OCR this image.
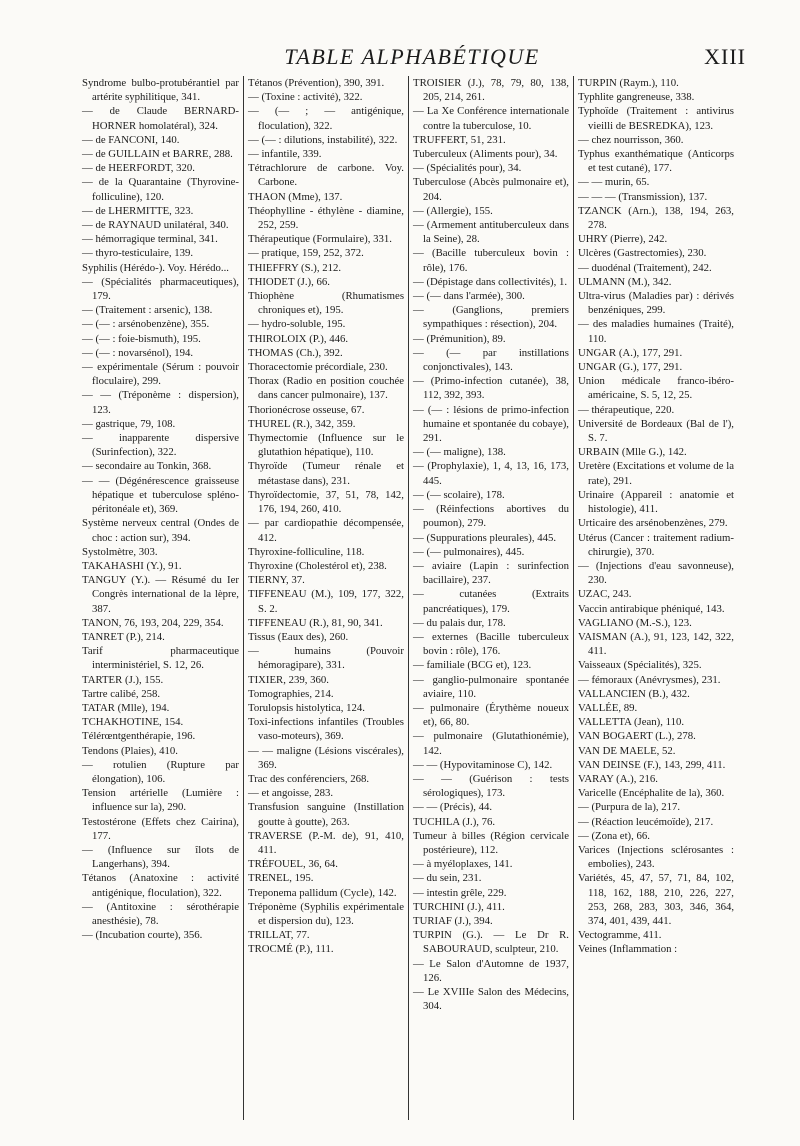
TABLE ALPHABÉTIQUE	XIII
Syndrome bulbo-protubérantiel par artérite syphilitique, 341.
— de Claude BERNARD-HORNER homolatéral), 324.
— de FANCONI, 140.
— de GUILLAIN et BARRE, 288.
— de HEERFORDT, 320.
— de la Quarantaine (Thyrovine-folliculine), 120.
— de LHERMITTE, 323.
— de RAYNAUD unilatéral, 340.
— hémorragique terminal, 341.
— thyro-testiculaire, 139.
Syphilis (Hérédo-). Voy. Hérédo...
— (Spécialités pharmaceutiques), 179.
— (Traitement : arsenic), 138.
— (— : arsénobenzène), 355.
— (— : foie-bismuth), 195.
— (— : novarsénol), 194.
— expérimentale (Sérum : pouvoir floculaire), 299.
— — (Tréponème : dispersion), 123.
— gastrique, 79, 108.
— inapparente dispersive (Surinfection), 322.
— secondaire au Tonkin, 368.
— — (Dégénérescence graisseuse hépatique et tuberculose spléno-péritonéale et), 369.
Système nerveux central (Ondes de choc : action sur), 394.
Systolmètre, 303.
TAKAHASHI (Y.), 91.
TANGUY (Y.). — Résumé du Ier Congrès international de la lèpre, 387.
TANON, 76, 193, 204, 229, 354.
TANRET (P.), 214.
Tarif pharmaceutique interministériel, S. 12, 26.
TARTER (J.), 155.
Tartre calibé, 258.
TATAR (Mlle), 194.
TCHAKHOTINE, 154.
Télérœntgenthérapie, 196.
Tendons (Plaies), 410.
— rotulien (Rupture par élongation), 106.
Tension artérielle (Lumière : influence sur la), 290.
Testostérone (Effets chez Cairina), 177.
— (Influence sur îlots de Langerhans), 394.
Tétanos (Anatoxine : activité antigénique, floculation), 322.
— (Antitoxine : sérothérapie anesthésie), 78.
— (Incubation courte), 356.
Tétanos (Prévention), 390, 391.
— (Toxine : activité), 322.
— (— ; — antigénique, floculation), 322.
— (— : dilutions, instabilité), 322.
— infantile, 339.
Tétrachlorure de carbone. Voy. Carbone.
THAON (Mme), 137.
Théophylline - éthylène - diamine, 252, 259.
Thérapeutique (Formulaire), 331.
— pratique, 159, 252, 372.
THIEFFRY (S.), 212.
THIODET (J.), 66.
Thiophène (Rhumatismes chroniques et), 195.
— hydro-soluble, 195.
THIROLOIX (P.), 446.
THOMAS (Ch.), 392.
Thoracectomie précordiale, 230.
Thorax (Radio en position couchée dans cancer pulmonaire), 137.
Thorionécrose osseuse, 67.
THUREL (R.), 342, 359.
Thymectomie (Influence sur le glutathion hépatique), 110.
Thyroïde (Tumeur rénale et métastase dans), 231.
Thyroïdectomie, 37, 51, 78, 142, 176, 194, 260, 410.
— par cardiopathie décompensée, 412.
Thyroxine-folliculine, 118.
Thyroxine (Cholestérol et), 238.
TIERNY, 37.
TIFFENEAU (M.), 109, 177, 322, S. 2.
TIFFENEAU (R.), 81, 90, 341.
Tissus (Eaux des), 260.
— humains (Pouvoir hémoragipare), 331.
TIXIER, 239, 360.
Tomographies, 214.
Torulopsis histolytica, 124.
Toxi-infections infantiles (Troubles vaso-moteurs), 369.
— — maligne (Lésions viscérales), 369.
Trac des conférenciers, 268.
— et angoisse, 283.
Transfusion sanguine (Instillation goutte à goutte), 263.
TRAVERSE (P.-M. de), 91, 410, 411.
TRÉFOUEL, 36, 64.
TRENEL, 195.
Treponema pallidum (Cycle), 142.
Tréponème (Syphilis expérimentale et dispersion du), 123.
TRILLAT, 77.
TROCMÉ (P.), 111.
TROISIER (J.), 78, 79, 80, 138, 205, 214, 261.
— La Xe Conférence internationale contre la tuberculose, 10.
TRUFFERT, 51, 231.
Tuberculeux (Aliments pour), 34.
— (Spécialités pour), 34.
Tuberculose (Abcès pulmonaire et), 204.
— (Allergie), 155.
— (Armement antituberculeux dans la Seine), 28.
— (Bacille tuberculeux bovin : rôle), 176.
— (Dépistage dans collectivités), 1.
— (— dans l'armée), 300.
— (Ganglions, premiers sympathiques : résection), 204.
— (Prémunition), 89.
— (— par instillations conjonctivales), 143.
— (Primo-infection cutanée), 38, 112, 392, 393.
— (— : lésions de primo-infection humaine et spontanée du cobaye), 291.
— (— maligne), 138.
— (Prophylaxie), 1, 4, 13, 16, 173, 445.
— (— scolaire), 178.
— (Réinfections abortives du poumon), 279.
— (Suppurations pleurales), 445.
— (— pulmonaires), 445.
— aviaire (Lapin : surinfection bacillaire), 237.
— cutanées (Extraits pancréatiques), 179.
— du palais dur, 178.
— externes (Bacille tuberculeux bovin : rôle), 176.
— familiale (BCG et), 123.
— ganglio-pulmonaire spontanée aviaire, 110.
— pulmonaire (Érythème noueux et), 66, 80.
— pulmonaire (Glutathionémie), 142.
— — (Hypovitaminose C), 142.
— — (Guérison : tests sérologiques), 173.
— — (Précis), 44.
TUCHILA (J.), 76.
Tumeur à billes (Région cervicale postérieure), 112.
— à myéloplaxes, 141.
— du sein, 231.
— intestin grêle, 229.
TURCHINI (J.), 411.
TURIAF (J.), 394.
TURPIN (G.). — Le Dr R. SABOURAUD, sculpteur, 210.
— Le Salon d'Automne de 1937, 126.
— Le XVIIIe Salon des Médecins, 304.
TURPIN (Raym.), 110.
Typhlite gangreneuse, 338.
Typhoïde (Traitement : antivirus vieilli de BESREDKA), 123.
— chez nourrisson, 360.
Typhus exanthématique (Anticorps et test cutané), 177.
— — murin, 65.
— — — (Transmission), 137.
TZANCK (Arn.), 138, 194, 263, 278.
UHRY (Pierre), 242.
Ulcères (Gastrectomies), 230.
— duodénal (Traitement), 242.
ULMANN (M.), 342.
Ultra-virus (Maladies par) : dérivés benzéniques, 299.
— des maladies humaines (Traité), 110.
UNGAR (A.), 177, 291.
UNGAR (G.), 177, 291.
Union médicale franco-ibéro-américaine, S. 5, 12, 25.
— thérapeutique, 220.
Université de Bordeaux (Bal de l'), S. 7.
URBAIN (Mlle G.), 142.
Uretère (Excitations et volume de la rate), 291.
Urinaire (Appareil : anatomie et histologie), 411.
Urticaire des arsénobenzènes, 279.
Utérus (Cancer : traitement radium-chirurgie), 370.
— (Injections d'eau savonneuse), 230.
UZAC, 243.
Vaccin antirabique phéniqué, 143.
VAGLIANO (M.-S.), 123.
VAISMAN (A.), 91, 123, 142, 322, 411.
Vaisseaux (Spécialités), 325.
— fémoraux (Anévrysmes), 231.
VALLANCIEN (B.), 432.
VALLÉE, 89.
VALLETTA (Jean), 110.
VAN BOGAERT (L.), 278.
VAN DE MAELE, 52.
VAN DEINSE (F.), 143, 299, 411.
VARAY (A.), 216.
Varicelle (Encéphalite de la), 360.
— (Purpura de la), 217.
— (Réaction leucémoïde), 217.
— (Zona et), 66.
Varices (Injections sclérosantes : embolies), 243.
Variétés, 45, 47, 57, 71, 84, 102, 118, 162, 188, 210, 226, 227, 253, 268, 283, 303, 346, 364, 374, 401, 439, 441.
Vectogramme, 411.
Veines (Inflammation :
